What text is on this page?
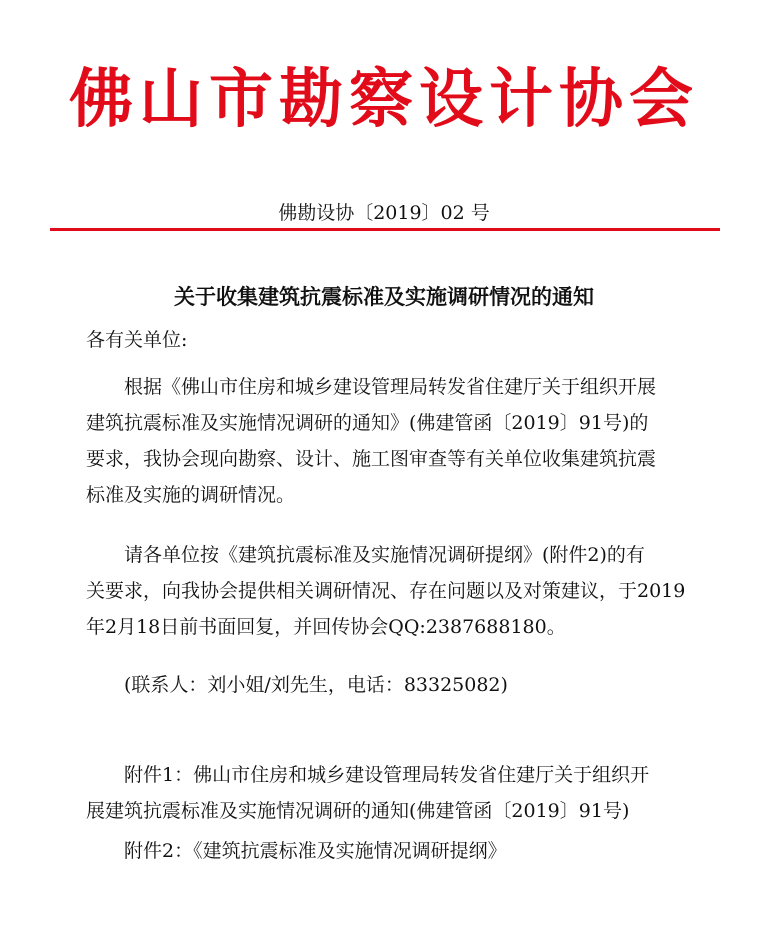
佛山市勘察设计协会
佛勘设协〔2019〕02 号
关于收集建筑抗震标准及实施调研情况的通知
各有关单位:
根据《佛山市住房和城乡建设管理局转发省住建厅关于组织开展
建筑抗震标准及实施情况调研的通知》(佛建管函〔2019〕91号)的
要求，我协会现向勘察、设计、施工图审查等有关单位收集建筑抗震
标准及实施的调研情况。
请各单位按《建筑抗震标准及实施情况调研提纲》(附件2)的有
关要求，向我协会提供相关调研情况、存在问题以及对策建议，于2019
年2月18日前书面回复，并回传协会QQ:2387688180。
(联系人：刘小姐/刘先生，电话：83325082)
附件1：佛山市住房和城乡建设管理局转发省住建厅关于组织开
展建筑抗震标准及实施情况调研的通知(佛建管函〔2019〕91号)
附件2：《建筑抗震标准及实施情况调研提纲》
